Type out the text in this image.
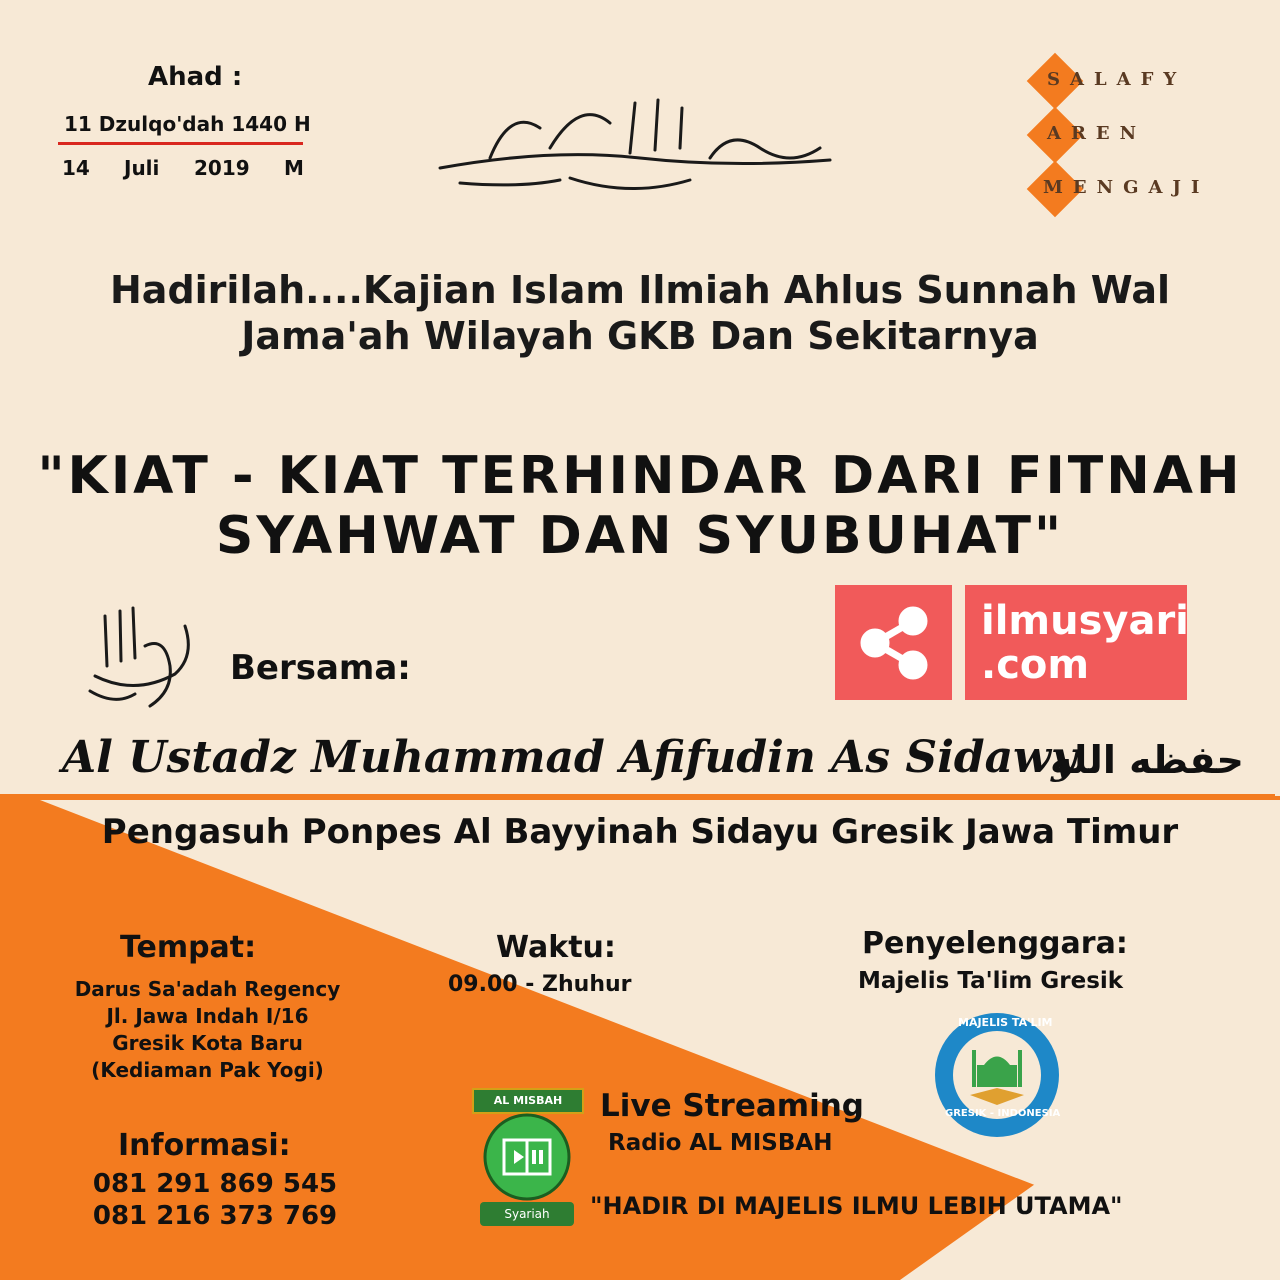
Ahad :
11 Dzulqo'dah 1440 H
14 Juli 2019 M
SALAFY
AREN
MENGAJI
Hadirilah....Kajian Islam Ilmiah Ahlus Sunnah Wal
Jama'ah Wilayah GKB Dan Sekitarnya
"KIAT - KIAT TERHINDAR DARI FITNAH
SYAHWAT DAN SYUBUHAT"
Bersama:
ilmusyari
.com
Al Ustadz Muhammad Afifudin As Sidawy
حفظه الله
Pengasuh Ponpes Al Bayyinah Sidayu Gresik Jawa Timur
Tempat:
Darus Sa'adah Regency
Jl. Jawa Indah I/16
Gresik Kota Baru
(Kediaman Pak Yogi)
Waktu:
09.00 - Zhuhur
Penyelenggara:
Majelis Ta'lim Gresik
MAJELIS TA'LIM
GRESIK - INDONESIA
Informasi:
081 291 869 545
081 216 373 769
AL MISBAH
Syariah
Live Streaming
Radio AL MISBAH
"HADIR DI MAJELIS ILMU LEBIH UTAMA"
